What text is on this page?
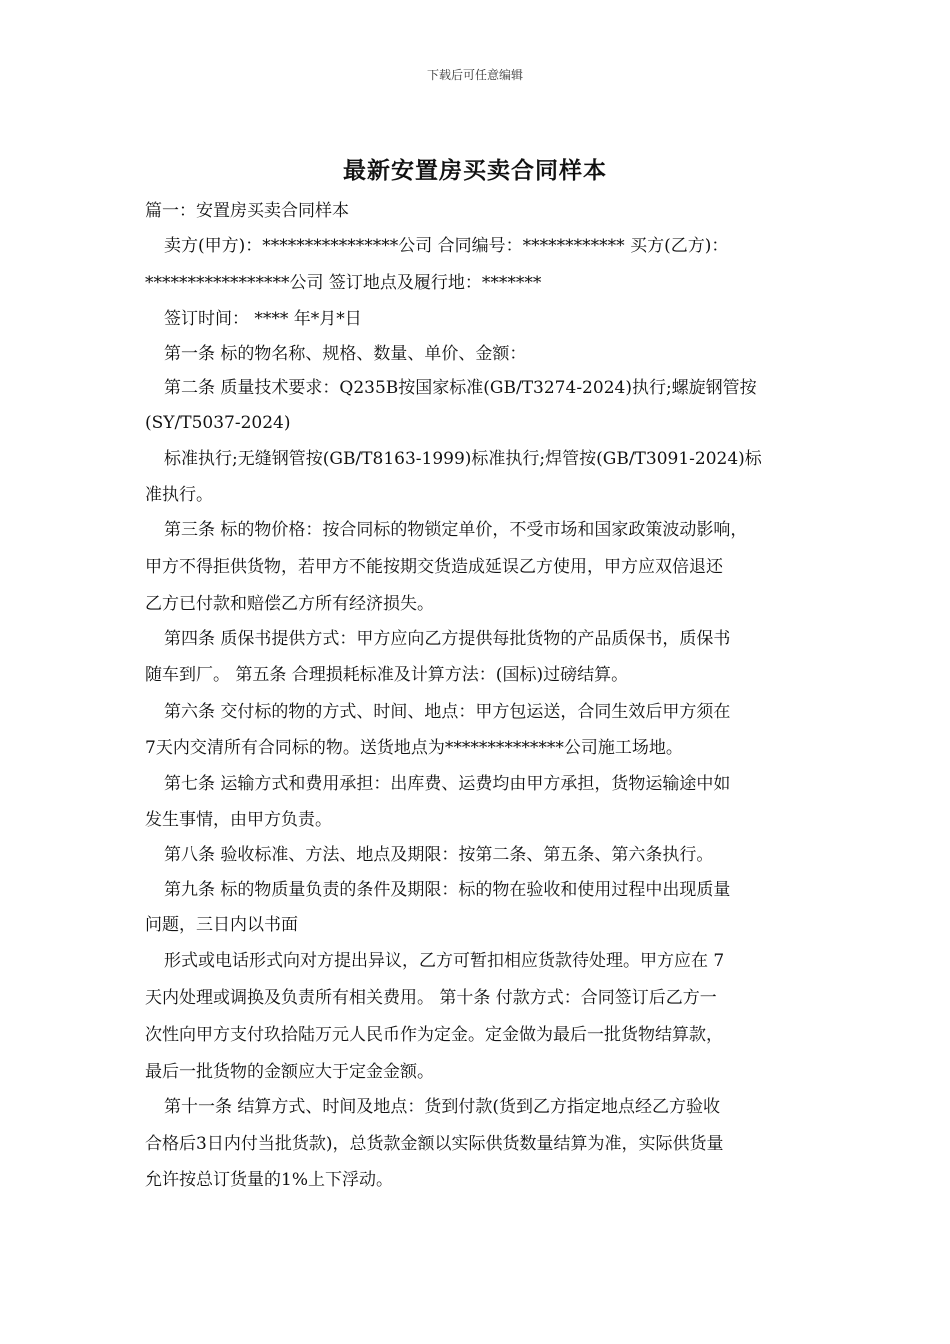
下载后可任意编辑
最新安置房买卖合同样本
篇一：安置房买卖合同样本
卖方(甲方)：****************公司 合同编号：************ 买方(乙方)：
*****************公司 签订地点及履行地：*******
签订时间： **** 年*月*日
第一条 标的物名称、规格、数量、单价、金额：
第二条 质量技术要求：Q235B按国家标准(GB/T3274-2024)执行;螺旋钢管按
(SY/T5037-2024)
标准执行;无缝钢管按(GB/T8163-1999)标准执行;焊管按(GB/T3091-2024)标
准执行。
第三条 标的物价格：按合同标的物锁定单价，不受市场和国家政策波动影响，
甲方不得拒供货物，若甲方不能按期交货造成延误乙方使用，甲方应双倍退还
乙方已付款和赔偿乙方所有经济损失。
第四条 质保书提供方式：甲方应向乙方提供每批货物的产品质保书，质保书
随车到厂。 第五条 合理损耗标准及计算方法：(国标)过磅结算。
第六条 交付标的物的方式、时间、地点：甲方包运送，合同生效后甲方须在
7天内交清所有合同标的物。送货地点为**************公司施工场地。
第七条 运输方式和费用承担：出库费、运费均由甲方承担，货物运输途中如
发生事情，由甲方负责。
第八条 验收标准、方法、地点及期限：按第二条、第五条、第六条执行。
第九条 标的物质量负责的条件及期限：标的物在验收和使用过程中出现质量
问题，三日内以书面
形式或电话形式向对方提出异议，乙方可暂扣相应货款待处理。甲方应在 7
天内处理或调换及负责所有相关费用。 第十条 付款方式：合同签订后乙方一
次性向甲方支付玖拾陆万元人民币作为定金。定金做为最后一批货物结算款，
最后一批货物的金额应大于定金金额。
第十一条 结算方式、时间及地点：货到付款(货到乙方指定地点经乙方验收
合格后3日内付当批货款)，总货款金额以实际供货数量结算为准，实际供货量
允许按总订货量的1%上下浮动。
